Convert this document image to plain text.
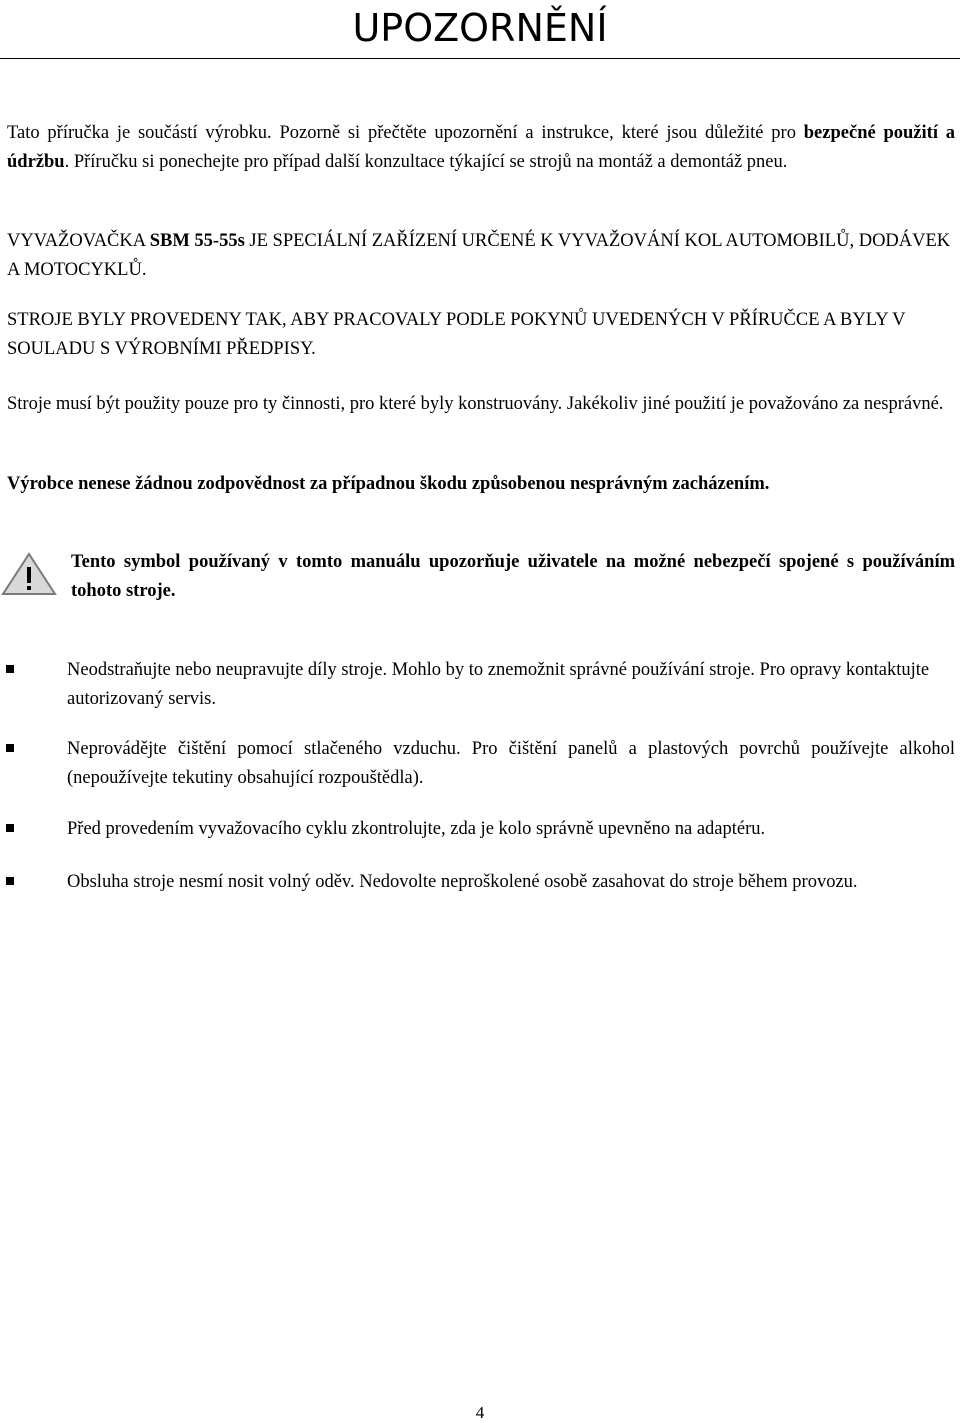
UPOZORNĚNÍ

Tato příručka je součástí výrobku. Pozorně si přečtěte upozornění a instrukce, které jsou důležité pro bezpečné použití a údržbu. Příručku si ponechejte pro případ další konzultace týkající se strojů na montáž a demontáž pneu.

VYVAŽOVAČKA SBM 55-55s JE SPECIÁLNÍ ZAŘÍZENÍ URČENÉ K VYVAŽOVÁNÍ KOL AUTOMOBILŮ, DODÁVEK A MOTOCYKLŮ.

STROJE BYLY PROVEDENY TAK, ABY PRACOVALY PODLE POKYNŮ UVEDENÝCH V PŘÍRUČCE A BYLY V SOULADU S VÝROBNÍMI PŘEDPISY.

Stroje musí být použity pouze pro ty činnosti, pro které byly konstruovány. Jakékoliv jiné použití je považováno za nesprávné.

Výrobce nenese žádnou zodpovědnost za případnou škodu způsobenou nesprávným zacházením.

Tento symbol používaný v tomto manuálu upozorňuje uživatele na možné nebezpečí spojené s používáním tohoto stroje.

Neodstraňujte nebo neupravujte díly stroje. Mohlo by to znemožnit správné používání stroje. Pro opravy kontaktujte autorizovaný servis.

Neprovádějte čištění pomocí stlačeného vzduchu. Pro čištění panelů a plastových povrchů používejte alkohol (nepoužívejte tekutiny obsahující rozpouštědla).

Před provedením vyvažovacího cyklu zkontrolujte, zda je kolo správně upevněno na adaptéru.

Obsluha stroje nesmí nosit volný oděv. Nedovolte neproškolené osobě zasahovat do stroje během provozu.

4
